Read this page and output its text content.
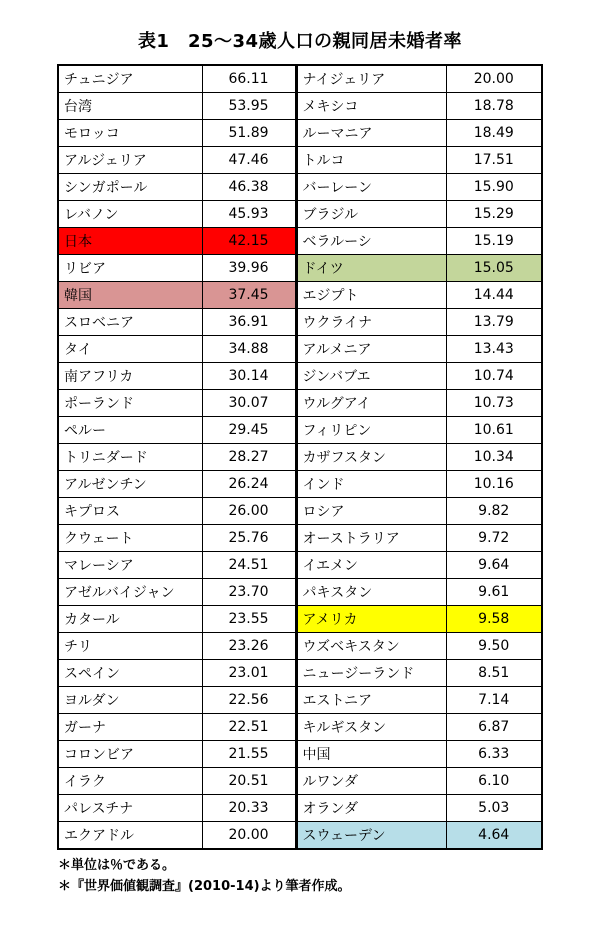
表1　25〜34歳人口の親同居未婚者率
チュニジア	66.11	ナイジェリア	20.00
台湾	53.95	メキシコ	18.78
モロッコ	51.89	ルーマニア	18.49
アルジェリア	47.46	トルコ	17.51
シンガポール	46.38	バーレーン	15.90
レバノン	45.93	ブラジル	15.29
日本	42.15	ベラルーシ	15.19
リビア	39.96	ドイツ	15.05
韓国	37.45	エジプト	14.44
スロベニア	36.91	ウクライナ	13.79
タイ	34.88	アルメニア	13.43
南アフリカ	30.14	ジンバブエ	10.74
ポーランド	30.07	ウルグアイ	10.73
ペルー	29.45	フィリピン	10.61
トリニダード	28.27	カザフスタン	10.34
アルゼンチン	26.24	インド	10.16
キプロス	26.00	ロシア	9.82
クウェート	25.76	オーストラリア	9.72
マレーシア	24.51	イエメン	9.64
アゼルバイジャン	23.70	パキスタン	9.61
カタール	23.55	アメリカ	9.58
チリ	23.26	ウズベキスタン	9.50
スペイン	23.01	ニュージーランド	8.51
ヨルダン	22.56	エストニア	7.14
ガーナ	22.51	キルギスタン	6.87
コロンビア	21.55	中国	6.33
イラク	20.51	ルワンダ	6.10
パレスチナ	20.33	オランダ	5.03
エクアドル	20.00	スウェーデン	4.64
＊単位は％である。
＊『世界価値観調査』(2010-14)より筆者作成。
